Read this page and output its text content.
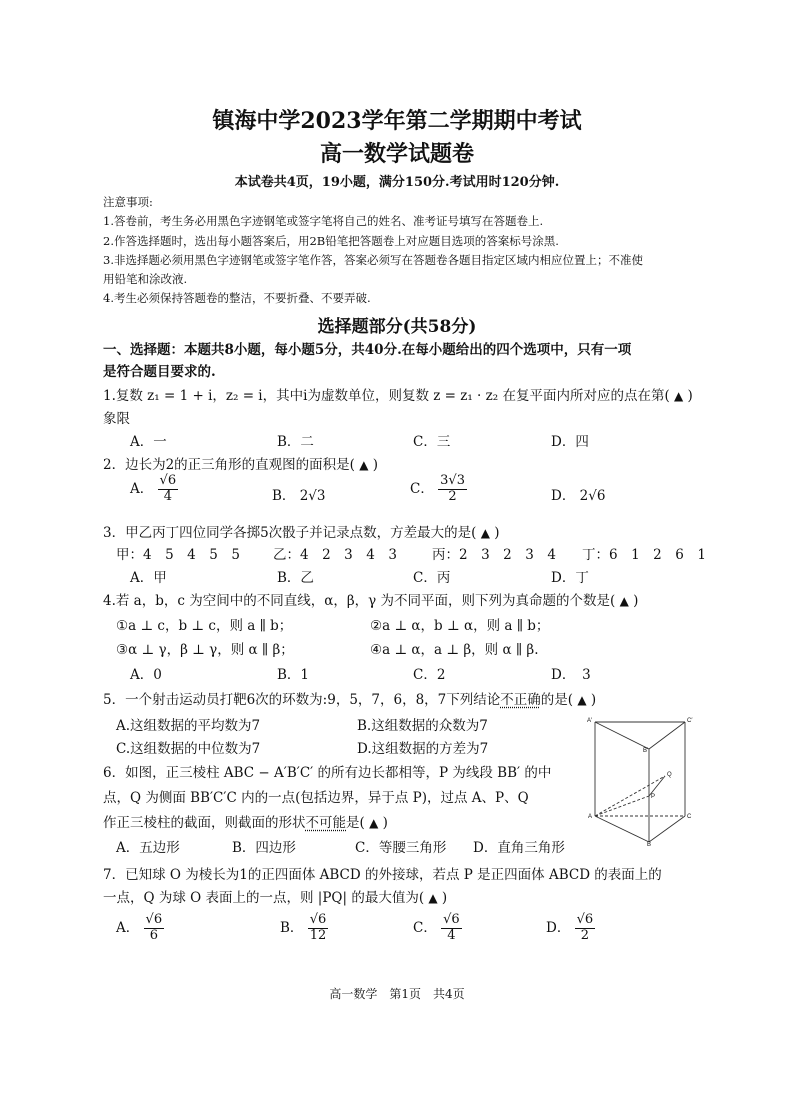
镇海中学2023学年第二学期期中考试
高一数学试题卷
本试卷共4页，19小题，满分150分.考试用时120分钟.
注意事项:
1.答卷前，考生务必用黑色字迹钢笔或签字笔将自己的姓名、准考证号填写在答题卷上.
2.作答选择题时，选出每小题答案后，用2B铅笔把答题卷上对应题目选项的答案标号涂黑.
3.非选择题必须用黑色字迹钢笔或签字笔作答，答案必须写在答题卷各题目指定区域内相应位置上；不准使
用铅笔和涂改液.
4.考生必须保持答题卷的整洁，不要折叠、不要弄破.
选择题部分(共58分)
一、选择题：本题共8小题，每小题5分，共40分.在每小题给出的四个选项中，只有一项
是符合题目要求的.
1.复数 z₁ = 1 + i，z₂ = i，其中i为虚数单位，则复数 z = z₁ · z₂ 在复平面内所对应的点在第( ▲ )
象限
A．一	B．二	C．三	D．四
2．边长为2的正三角形的直观图的面积是( ▲ )
A． $\frac{√6}{4}$	B． 2√3	C． $\frac{3√3}{2}$	D． 2√6
3．甲乙丙丁四位同学各掷5次骰子并记录点数，方差最大的是( ▲ )
甲：4　5　4　5　5 乙：4　2　3　4　3	丙：2　3　2　3　4 丁：6　1　2　6　1
A．甲	B．乙	C．丙	D．丁
4.若 a，b，c 为空间中的不同直线，α，β，γ 为不同平面，则下列为真命题的个数是( ▲ )
①a ⊥ c，b ⊥ c，则 a ∥ b；	②a ⊥ α，b ⊥ α，则 a ∥ b；
③α ⊥ γ，β ⊥ γ，则 α ∥ β；	④a ⊥ α，a ⊥ β，则 α ∥ β.
A．0	B．1	C．2	D．　3
5．一个射击运动员打靶6次的环数为:9，5，7，6，8，7下列结论不正确的是( ▲ )
A.这组数据的平均数为7	B.这组数据的众数为7
C.这组数据的中位数为7	D.这组数据的方差为7
6．如图，正三棱柱 ABC − A′B′C′ 的所有边长都相等，P 为线段 BB′ 的中
点，Q 为侧面 BB′C′C 内的一点(包括边界，异于点 P)，过点 A、P、Q
作正三棱柱的截面，则截面的形状不可能是( ▲ )
A．五边形	B．四边形	C．等腰三角形 D．直角三角形
A′	C′
B′
Q
P
A	C
B
7．已知球 O 为棱长为1的正四面体 ABCD 的外接球，若点 P 是正四面体 ABCD 的表面上的
一点，Q 为球 O 表面上的一点，则 |PQ| 的最大值为( ▲ )
A． $\frac{√6}{6}$	B． $\frac{√6}{12}$	C． $\frac{√6}{4}$	D． $\frac{√6}{2}$
高一数学　第1页　共4页
